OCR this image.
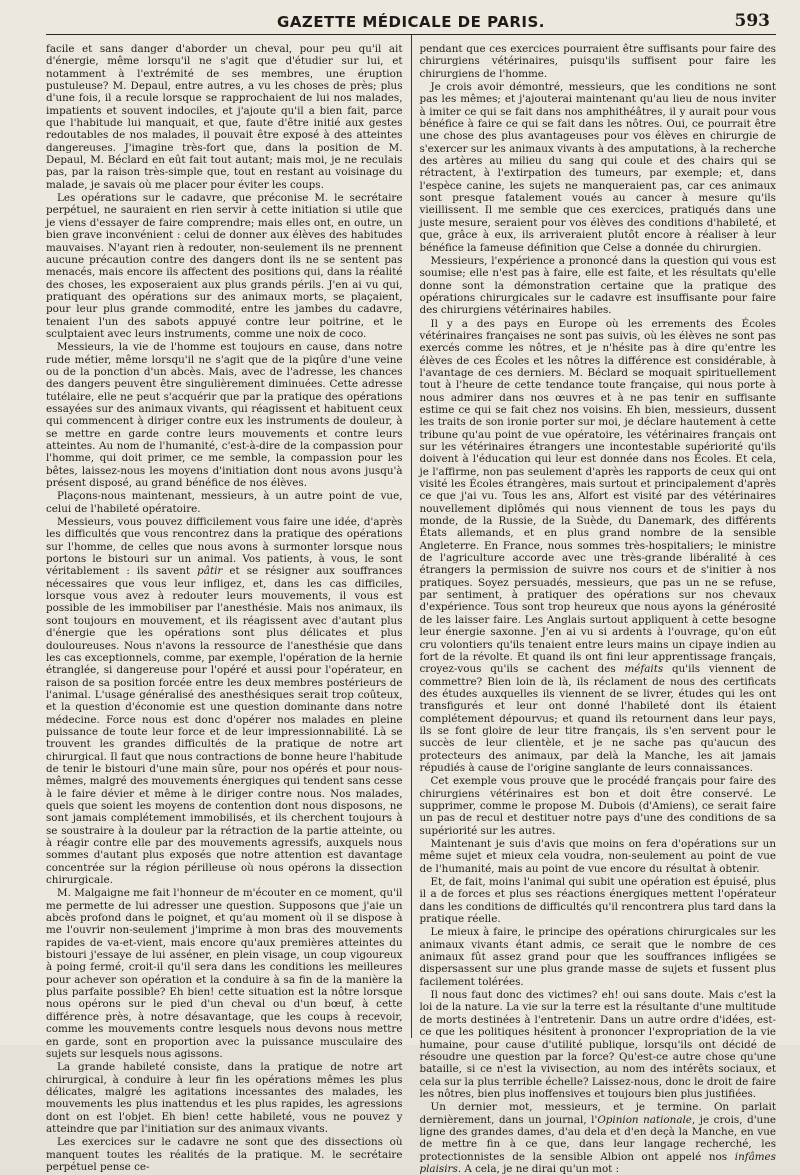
GAZETTE MÉDICALE DE PARIS.	593

facile et sans danger d'aborder un cheval, pour peu qu'il ait d'énergie, même lorsqu'il ne s'agit que d'étudier sur lui, et notamment à l'extrémité de ses membres, une éruption pustuleuse? M. Depaul, entre autres, a vu les choses de près; plus d'une fois, il a recule lorsque se rapprochaient de lui nos malades, impatients et souvent indociles, et j'ajoute qu'il a bien fait, parce que l'habitude lui manquait, et que, faute d'être initié aux gestes redoutables de nos malades, il pouvait être exposé à des atteintes dangereuses. J'imagine très-fort que, dans la position de M. Depaul, M. Béclard en eût fait tout autant; mais moi, je ne reculais pas, par la raison très-simple que, tout en restant au voisinage du malade, je savais où me placer pour éviter les coups.

Les opérations sur le cadavre, que préconise M. le secrétaire perpétuel, ne sauraient en rien servir à cette initiation si utile que je viens d'essayer de faire comprendre; mais elles ont, en outre, un bien grave inconvénient : celui de donner aux élèves des habitudes mauvaises. N'ayant rien à redouter, non-seulement ils ne prennent aucune précaution contre des dangers dont ils ne se sentent pas menacés, mais encore ils affectent des positions qui, dans la réalité des choses, les exposeraient aux plus grands périls. J'en ai vu qui, pratiquant des opérations sur des animaux morts, se plaçaient, pour leur plus grande commodité, entre les jambes du cadavre, tenaient l'un des sabots appuyé contre leur poitrine, et le sculptaient avec leurs instruments, comme une noix de coco.

Messieurs, la vie de l'homme est toujours en cause, dans notre rude métier, même lorsqu'il ne s'agit que de la piqûre d'une veine ou de la ponction d'un abcès. Mais, avec de l'adresse, les chances des dangers peuvent être singulièrement diminuées. Cette adresse tutélaire, elle ne peut s'acquérir que par la pratique des opérations essayées sur des animaux vivants, qui réagissent et habituent ceux qui commencent à diriger contre eux les instruments de douleur, à se mettre en garde contre leurs mouvements et contre leurs atteintes. Au nom de l'humanité, c'est-à-dire de la compassion pour l'homme, qui doit primer, ce me semble, la compassion pour les bêtes, laissez-nous les moyens d'initiation dont nous avons jusqu'à présent disposé, au grand bénéfice de nos élèves.

Plaçons-nous maintenant, messieurs, à un autre point de vue, celui de l'habileté opératoire.

Messieurs, vous pouvez difficilement vous faire une idée, d'après les difficultés que vous rencontrez dans la pratique des opérations sur l'homme, de celles que nous avons à surmonter lorsque nous portons le bistouri sur un animal. Vos patients, à vous, le sont véritablement : ils savent pâtir et se résigner aux souffrances nécessaires que vous leur infligez, et, dans les cas difficiles, lorsque vous avez à redouter leurs mouvements, il vous est possible de les immobiliser par l'anesthésie. Mais nos animaux, ils sont toujours en mouvement, et ils réagissent avec d'autant plus d'énergie que les opérations sont plus délicates et plus douloureuses. Nous n'avons la ressource de l'anesthésie que dans les cas exceptionnels, comme, par exemple, l'opération de la hernie étranglée, si dangereuse pour l'opéré et aussi pour l'opérateur, en raison de sa position forcée entre les deux membres postérieurs de l'animal. L'usage généralisé des anesthésiques serait trop coûteux, et la question d'économie est une question dominante dans notre médecine. Force nous est donc d'opérer nos malades en pleine puissance de toute leur force et de leur impressionnabilité. Là se trouvent les grandes difficultés de la pratique de notre art chirurgical. Il faut que nous contractions de bonne heure l'habitude de tenir le bistouri d'une main sûre, pour nos opérés et pour nous-mêmes, malgré des mouvements énergiques qui tendent sans cesse à le faire dévier et même à le diriger contre nous. Nos malades, quels que soient les moyens de contention dont nous disposons, ne sont jamais complétement immobilisés, et ils cherchent toujours à se soustraire à la douleur par la rétraction de la partie atteinte, ou à réagir contre elle par des mouvements agressifs, auxquels nous sommes d'autant plus exposés que notre attention est davantage concentrée sur la région périlleuse où nous opérons la dissection chirurgicale.

M. Malgaigne me fait l'honneur de m'écouter en ce moment, qu'il me permette de lui adresser une question. Supposons que j'aie un abcès profond dans le poignet, et qu'au moment où il se dispose à me l'ouvrir non-seulement j'imprime à mon bras des mouvements rapides de va-et-vient, mais encore qu'aux premières atteintes du bistouri j'essaye de lui asséner, en plein visage, un coup vigoureux à poing fermé, croit-il qu'il sera dans les conditions les meilleures pour achever son opération et la conduire à sa fin de la manière la plus parfaite possible? Eh bien! cette situation est la nôtre lorsque nous opérons sur le pied d'un cheval ou d'un bœuf, à cette différence près, à notre désavantage, que les coups à recevoir, comme les mouvements contre lesquels nous devons nous mettre en garde, sont en proportion avec la puissance musculaire des sujets sur lesquels nous agissons.

La grande habileté consiste, dans la pratique de notre art chirurgical, à conduire à leur fin les opérations mêmes les plus délicates, malgré les agitations incessantes des malades, les mouvements les plus inattendus et les plus rapides, les agressions dont on est l'objet. Eh bien! cette habileté, vous ne pouvez y atteindre que par l'initiation sur des animaux vivants.

Les exercices sur le cadavre ne sont que des dissections où manquent toutes les réalités de la pratique. M. le secrétaire perpétuel pense ce-

pendant que ces exercices pourraient être suffisants pour faire des chirurgiens vétérinaires, puisqu'ils suffisent pour faire les chirurgiens de l'homme.

Je crois avoir démontré, messieurs, que les conditions ne sont pas les mêmes; et j'ajouterai maintenant qu'au lieu de nous inviter à imiter ce qui se fait dans nos amphithéâtres, il y aurait pour vous bénéfice à faire ce qui se fait dans les nôtres. Oui, ce pourrait être une chose des plus avantageuses pour vos élèves en chirurgie de s'exercer sur les animaux vivants à des amputations, à la recherche des artères au milieu du sang qui coule et des chairs qui se rétractent, à l'extirpation des tumeurs, par exemple; et, dans l'espèce canine, les sujets ne manqueraient pas, car ces animaux sont presque fatalement voués au cancer à mesure qu'ils vieillissent. Il me semble que ces exercices, pratiqués dans une juste mesure, seraient pour vos élèves des conditions d'habileté, et que, grâce à eux, ils arriveraient plutôt encore à réaliser à leur bénéfice la fameuse définition que Celse a donnée du chirurgien.

Messieurs, l'expérience a prononcé dans la question qui vous est soumise; elle n'est pas à faire, elle est faite, et les résultats qu'elle donne sont la démonstration certaine que la pratique des opérations chirurgicales sur le cadavre est insuffisante pour faire des chirurgiens vétérinaires habiles.

Il y a des pays en Europe où les errements des Écoles vétérinaires françaises ne sont pas suivis, où les élèves ne sont pas exercés comme les nôtres, et je n'hésite pas à dire qu'entre les élèves de ces Écoles et les nôtres la différence est considérable, à l'avantage de ces derniers. M. Béclard se moquait spirituellement tout à l'heure de cette tendance toute française, qui nous porte à nous admirer dans nos œuvres et à ne pas tenir en suffisante estime ce qui se fait chez nos voisins. Eh bien, messieurs, dussent les traits de son ironie porter sur moi, je déclare hautement à cette tribune qu'au point de vue opératoire, les vétérinaires français ont sur les vétérinaires étrangers une incontestable supériorité qu'ils doivent à l'éducation qui leur est donnée dans nos Écoles. Et cela, je l'affirme, non pas seulement d'après les rapports de ceux qui ont visité les Écoles étrangères, mais surtout et principalement d'après ce que j'ai vu. Tous les ans, Alfort est visité par des vétérinaires nouvellement diplômés qui nous viennent de tous les pays du monde, de la Russie, de la Suède, du Danemark, des différents États allemands, et en plus grand nombre de la sensible Angleterre. En France, nous sommes très-hospitaliers; le ministre de l'agriculture accorde avec une très-grande libéralité à ces étrangers la permission de suivre nos cours et de s'initier à nos pratiques. Soyez persuadés, messieurs, que pas un ne se refuse, par sentiment, à pratiquer des opérations sur nos chevaux d'expérience. Tous sont trop heureux que nous ayons la générosité de les laisser faire. Les Anglais surtout appliquent à cette besogne leur énergie saxonne. J'en ai vu si ardents à l'ouvrage, qu'on eût cru volontiers qu'ils tenaient entre leurs mains un cipaye indien au fort de la révolte. Et quand ils ont fini leur apprentissage français, croyez-vous qu'ils se cachent des méfaits qu'ils viennent de commettre? Bien loin de là, ils réclament de nous des certificats des études auxquelles ils viennent de se livrer, études qui les ont transfigurés et leur ont donné l'habileté dont ils étaient complétement dépourvus; et quand ils retournent dans leur pays, ils se font gloire de leur titre français, ils s'en servent pour le succès de leur clientèle, et je ne sache pas qu'aucun des protecteurs des animaux, par delà la Manche, les ait jamais répudiés à cause de l'origine sanglante de leurs connaissances.

Cet exemple vous prouve que le procédé français pour faire des chirurgiens vétérinaires est bon et doit être conservé. Le supprimer, comme le propose M. Dubois (d'Amiens), ce serait faire un pas de recul et destituer notre pays d'une des conditions de sa supériorité sur les autres.

Maintenant je suis d'avis que moins on fera d'opérations sur un même sujet et mieux cela voudra, non-seulement au point de vue de l'humanité, mais au point de vue encore du résultat à obtenir.

Et, de fait, moins l'animal qui subit une opération est épuisé, plus il a de forces et plus ses réactions énergiques mettent l'opérateur dans les conditions de difficultés qu'il rencontrera plus tard dans la pratique réelle.

Le mieux à faire, le principe des opérations chirurgicales sur les animaux vivants étant admis, ce serait que le nombre de ces animaux fût assez grand pour que les souffrances infligées se dispersassent sur une plus grande masse de sujets et fussent plus facilement tolérées.

Il nous faut donc des victimes? eh! oui sans doute. Mais c'est la loi de la nature. La vie sur la terre est la résultante d'une multitude de morts destinées à l'entretenir. Dans un autre ordre d'idées, est-ce que les politiques hésitent à prononcer l'expropriation de la vie humaine, pour cause d'utilité publique, lorsqu'ils ont décidé de résoudre une question par la force? Qu'est-ce autre chose qu'une bataille, si ce n'est la vivisection, au nom des intérêts sociaux, et cela sur la plus terrible échelle? Laissez-nous, donc le droit de faire les nôtres, bien plus inoffensives et toujours bien plus justifiées.

Un dernier mot, messieurs, et je termine. On parlait dernièrement, dans un journal, l'Opinion nationale, je crois, d'une ligne des grandes dames, d'au dela et d'en deçà la Manche, en vue de mettre fin à ce que, dans leur langage recherché, les protectionnistes de la sensible Albion ont appelé nos infâmes plaisirs. A cela, je ne dirai qu'un mot :
